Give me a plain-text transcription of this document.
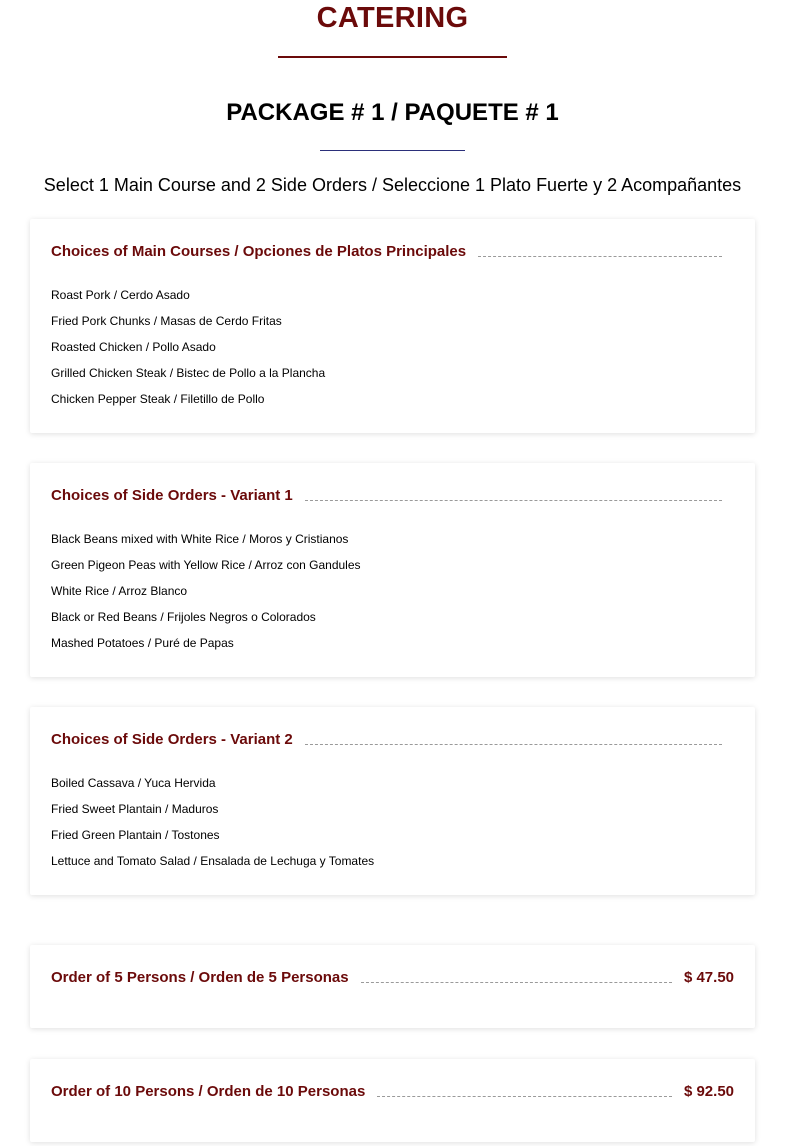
CATERING
PACKAGE # 1 / PAQUETE # 1
Select 1 Main Course and 2 Side Orders / Seleccione 1 Plato Fuerte y 2 Acompañantes
Choices of Main Courses / Opciones de Platos Principales
Roast Pork / Cerdo Asado
Fried Pork Chunks / Masas de Cerdo Fritas
Roasted Chicken / Pollo Asado
Grilled Chicken Steak / Bistec de Pollo a la Plancha
Chicken Pepper Steak / Filetillo de Pollo
Choices of Side Orders - Variant 1
Black Beans mixed with White Rice / Moros y Cristianos
Green Pigeon Peas with Yellow Rice / Arroz con Gandules
White Rice / Arroz Blanco
Black or Red Beans / Frijoles Negros o Colorados
Mashed Potatoes / Puré de Papas
Choices of Side Orders - Variant 2
Boiled Cassava / Yuca Hervida
Fried Sweet Plantain / Maduros
Fried Green Plantain / Tostones
Lettuce and Tomato Salad / Ensalada de Lechuga y Tomates
Order of 5 Persons / Orden de 5 Personas	$ 47.50
Order of 10 Persons / Orden de 10 Personas	$ 92.50
